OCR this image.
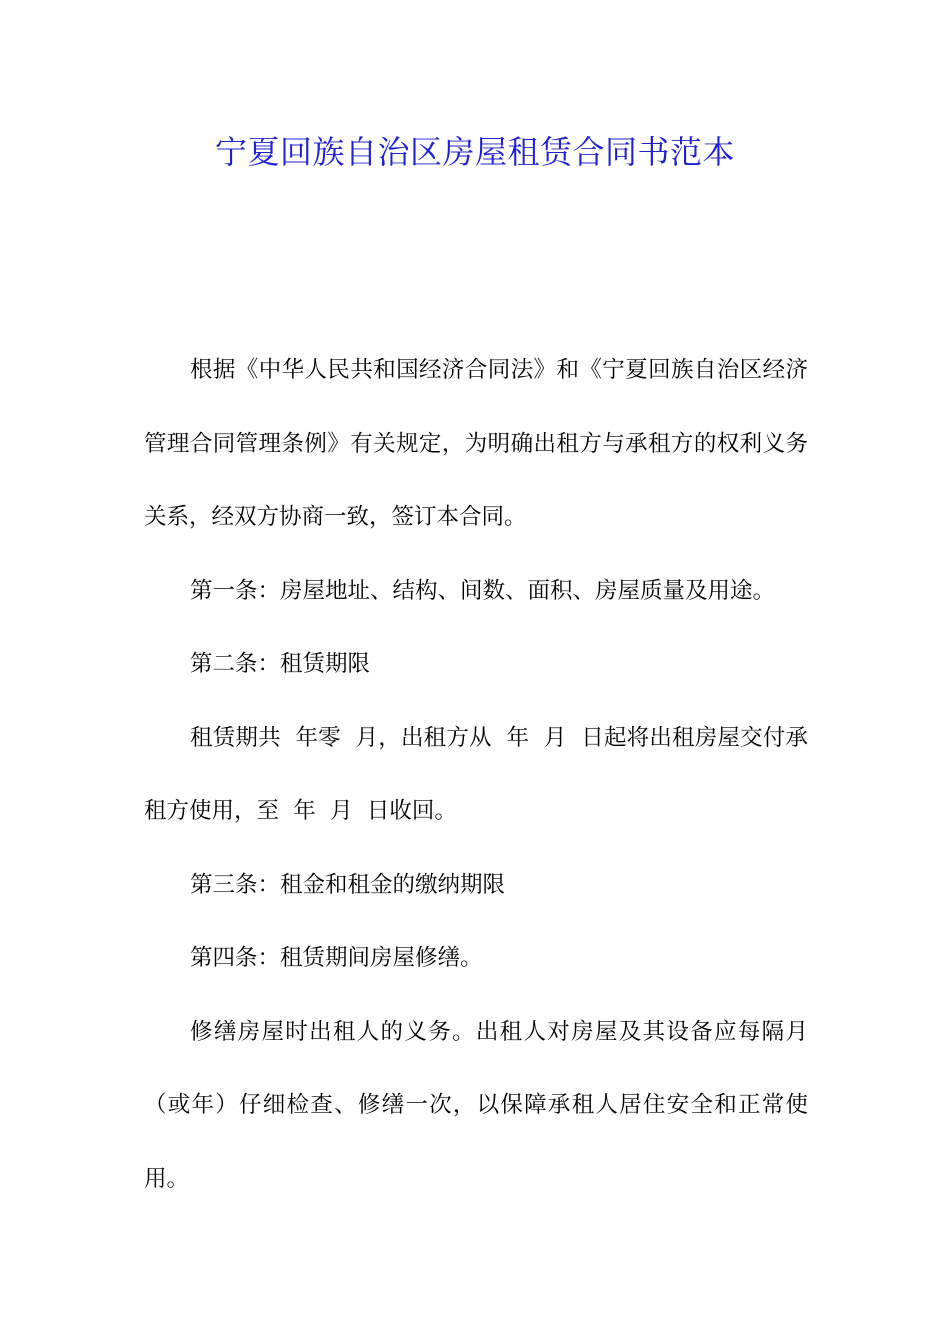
宁夏回族自治区房屋租赁合同书范本

根据《中华人民共和国经济合同法》和《宁夏回族自治区经济管理合同管理条例》有关规定，为明确出租方与承租方的权利义务关系，经双方协商一致，签订本合同。

第一条：房屋地址、结构、间数、面积、房屋质量及用途。

第二条：租赁期限

租赁期共  年零  月，出租方从  年  月  日起将出租房屋交付承租方使用，至  年  月  日收回。

第三条：租金和租金的缴纳期限

第四条：租赁期间房屋修缮。

修缮房屋时出租人的义务。出租人对房屋及其设备应每隔月（或年）仔细检查、修缮一次，以保障承租人居住安全和正常使用。
